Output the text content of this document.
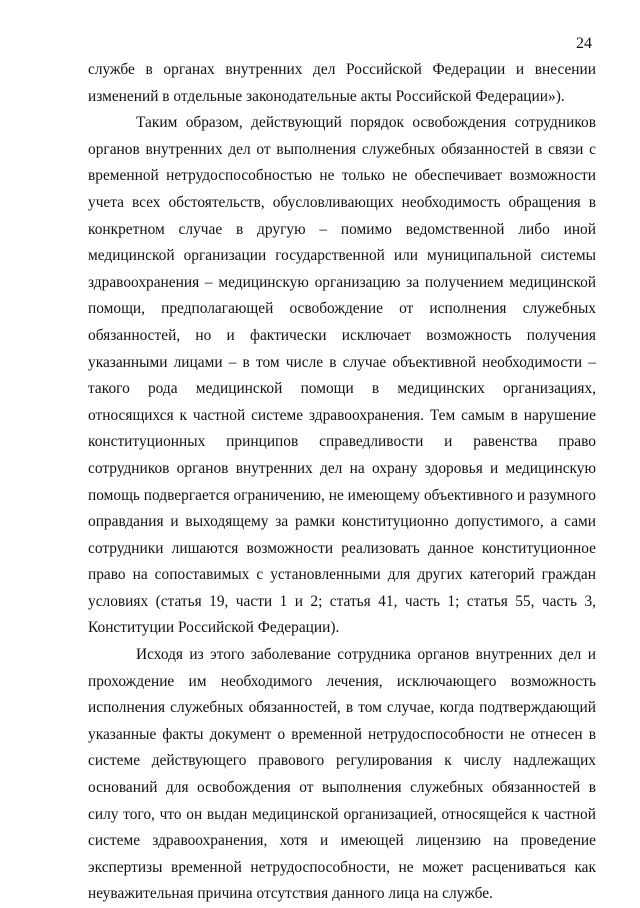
24

службе в органах внутренних дел Российской Федерации и внесении изменений в отдельные законодательные акты Российской Федерации»).

Таким образом, действующий порядок освобождения сотрудников органов внутренних дел от выполнения служебных обязанностей в связи с временной нетрудоспособностью не только не обеспечивает возможности учета всех обстоятельств, обусловливающих необходимость обращения в конкретном случае в другую – помимо ведомственной либо иной медицинской организации государственной или муниципальной системы здравоохранения – медицинскую организацию за получением медицинской помощи, предполагающей освобождение от исполнения служебных обязанностей, но и фактически исключает возможность получения указанными лицами – в том числе в случае объективной необходимости – такого рода медицинской помощи в медицинских организациях, относящихся к частной системе здравоохранения. Тем самым в нарушение конституционных принципов справедливости и равенства право сотрудников органов внутренних дел на охрану здоровья и медицинскую помощь подвергается ограничению, не имеющему объективного и разумного оправдания и выходящему за рамки конституционно допустимого, а сами сотрудники лишаются возможности реализовать данное конституционное право на сопоставимых с установленными для других категорий граждан условиях (статья 19, части 1 и 2; статья 41, часть 1; статья 55, часть 3, Конституции Российской Федерации).

Исходя из этого заболевание сотрудника органов внутренних дел и прохождение им необходимого лечения, исключающего возможность исполнения служебных обязанностей, в том случае, когда подтверждающий указанные факты документ о временной нетрудоспособности не отнесен в системе действующего правового регулирования к числу надлежащих оснований для освобождения от выполнения служебных обязанностей в силу того, что он выдан медицинской организацией, относящейся к частной системе здравоохранения, хотя и имеющей лицензию на проведение экспертизы временной нетрудоспособности, не может расцениваться как неуважительная причина отсутствия данного лица на службе.
